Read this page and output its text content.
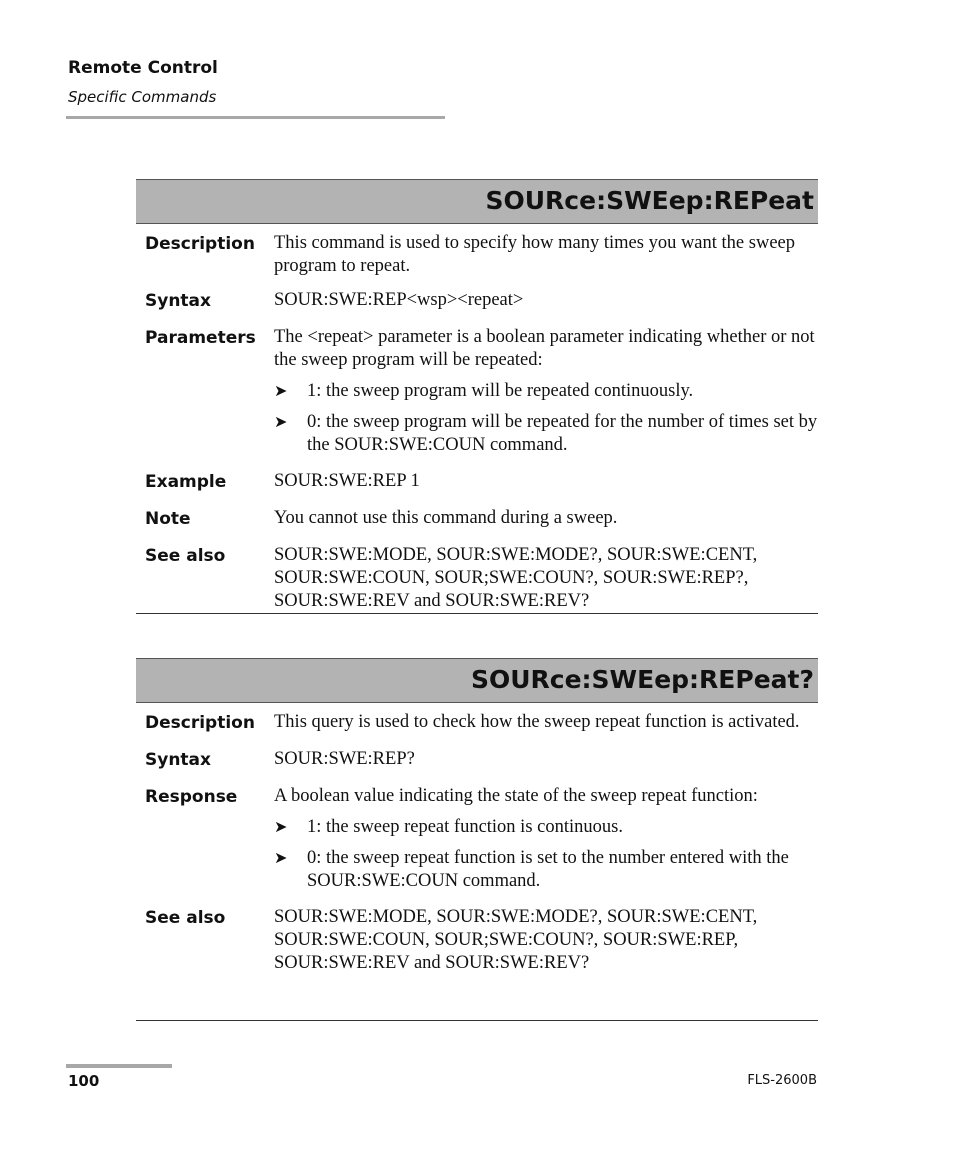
Remote Control
Specific Commands
SOURce:SWEep:REPeat
Description	This command is used to specify how many times you want the sweep program to repeat.
Syntax	SOUR:SWE:REP<wsp><repeat>
Parameters The <repeat> parameter is a boolean parameter indicating whether or not the sweep program will be repeated:
➤	1: the sweep program will be repeated continuously.
➤	0: the sweep program will be repeated for the number of times set by the SOUR:SWE:COUN command.
Example	SOUR:SWE:REP 1
Note	You cannot use this command during a sweep.
See also	SOUR:SWE:MODE, SOUR:SWE:MODE?, SOUR:SWE:CENT, SOUR:SWE:COUN, SOUR;SWE:COUN?, SOUR:SWE:REP?, SOUR:SWE:REV and SOUR:SWE:REV?
SOURce:SWEep:REPeat?
Description	This query is used to check how the sweep repeat function is activated.
Syntax	SOUR:SWE:REP?
Response	A boolean value indicating the state of the sweep repeat function:
➤	1: the sweep repeat function is continuous.
➤	0: the sweep repeat function is set to the number entered with the SOUR:SWE:COUN command.
See also	SOUR:SWE:MODE, SOUR:SWE:MODE?, SOUR:SWE:CENT, SOUR:SWE:COUN, SOUR;SWE:COUN?, SOUR:SWE:REP, SOUR:SWE:REV and SOUR:SWE:REV?
100	FLS-2600B
